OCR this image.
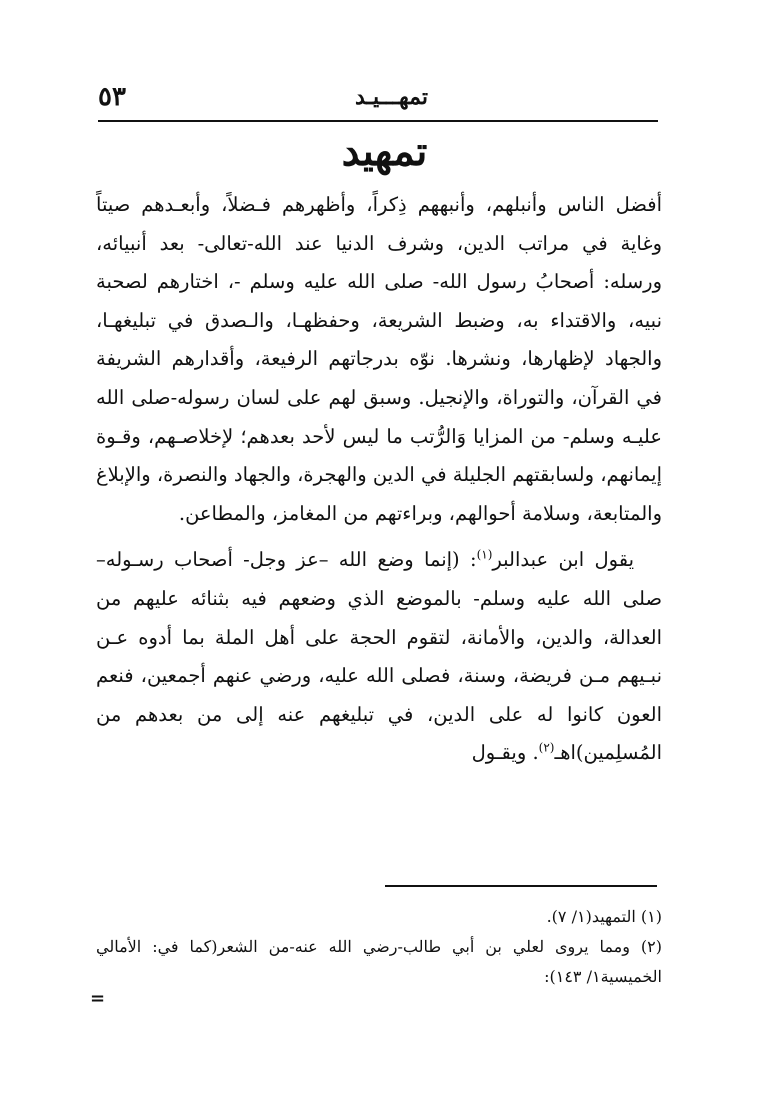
تمهـــيـد
٥٣
تمهيد

أفضل الناس وأنبلهم، وأنبههم ذِكراً، وأظهرهم فـضلاً، وأبعـدهم صيتاً وغاية في مراتب الدين، وشرف الدنيا عند الله-تعالى- بعد أنبيائه، ورسله: أصحابُ رسول الله- صلى الله عليه وسلم -، اختارهم لصحبة نبيه، والاقتداء به، وضبط الشريعة، وحفظهـا، والـصدق في تبليغهـا، والجهاد لإظهارها، ونشرها. نوّه بدرجاتهم الرفيعة، وأقدارهم الشريفة في القرآن، والتوراة، والإنجيل. وسبق لهم على لسان رسوله-صلى الله عليـه وسلم- من المزايا وَالرُّتب ما ليس لأحد بعدهم؛ لإخلاصـهم، وقـوة إيمانهم، ولسابقتهم الجليلة في الدين والهجرة، والجهاد والنصرة، والإبلاغ والمتابعة، وسلامة أحوالهم، وبراءتهم من المغامز، والمطاعن.

يقول ابن عبدالبر$^{(١)}$: (إنما وضع الله –عز وجل- أصحاب رسـوله– صلى الله عليه وسلم- بالموضع الذي وضعهم فيه بثنائه عليهم من العدالة، والدين، والأمانة، لتقوم الحجة على أهل الملة بما أدوه عـن نبـيهم مـن فريضة، وسنة، فصلى الله عليه، ورضي عنهم أجمعين، فنعم العون كانوا له على الدين، في تبليغهم عنه إلى من بعدهم من المُسلِمين)اهـ$^{(٢)}$. ويقـول

(١) التمهيد(١/ ٧).

(٢) ومما يروى لعلي بن أبي طالب-رضي الله عنه-من الشعر(كما في: الأمالي الخميسية١/ ١٤٣):

=
